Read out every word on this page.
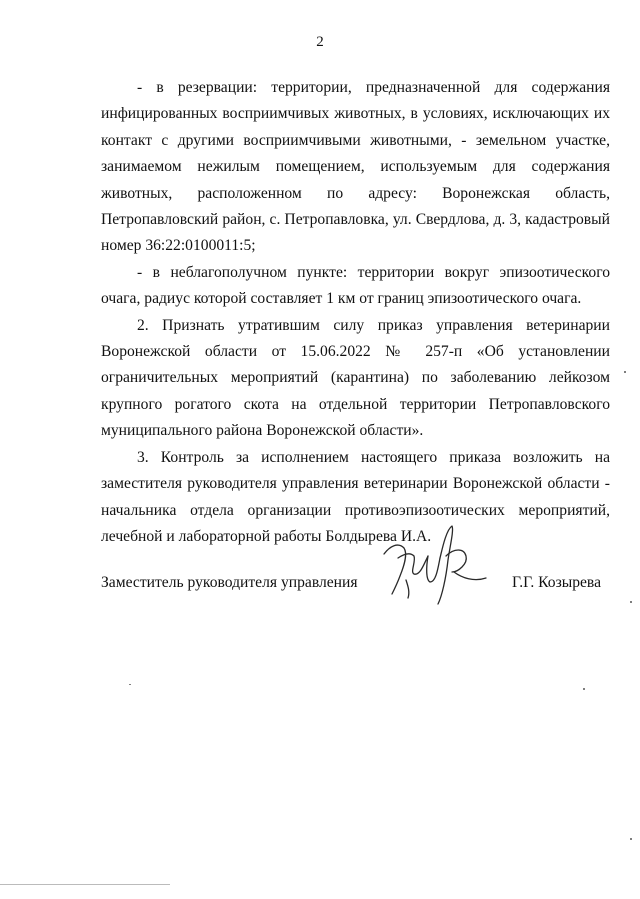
2

- в резервации: территории, предназначенной для содержания инфицированных восприимчивых животных, в условиях, исключающих их контакт с другими восприимчивыми животными, - земельном участке, занимаемом нежилым помещением, используемым для содержания животных, расположенном по адресу: Воронежская область, Петропавловский район, с. Петропавловка, ул. Свердлова, д. 3, кадастровый номер 36:22:0100011:5;

- в неблагополучном пункте: территории вокруг эпизоотического очага, радиус которой составляет 1 км от границ эпизоотического очага.

2. Признать утратившим силу приказ управления ветеринарии Воронежской области от 15.06.2022 № 257-п «Об установлении ограничительных мероприятий (карантина) по заболеванию лейкозом крупного рогатого скота на отдельной территории Петропавловского муниципального района Воронежской области».

3. Контроль за исполнением настоящего приказа возложить на заместителя руководителя управления ветеринарии Воронежской области - начальника отдела организации противоэпизоотических мероприятий, лечебной и лабораторной работы Болдырева И.А.

Заместитель руководителя управления	Г.Г. Козырева
